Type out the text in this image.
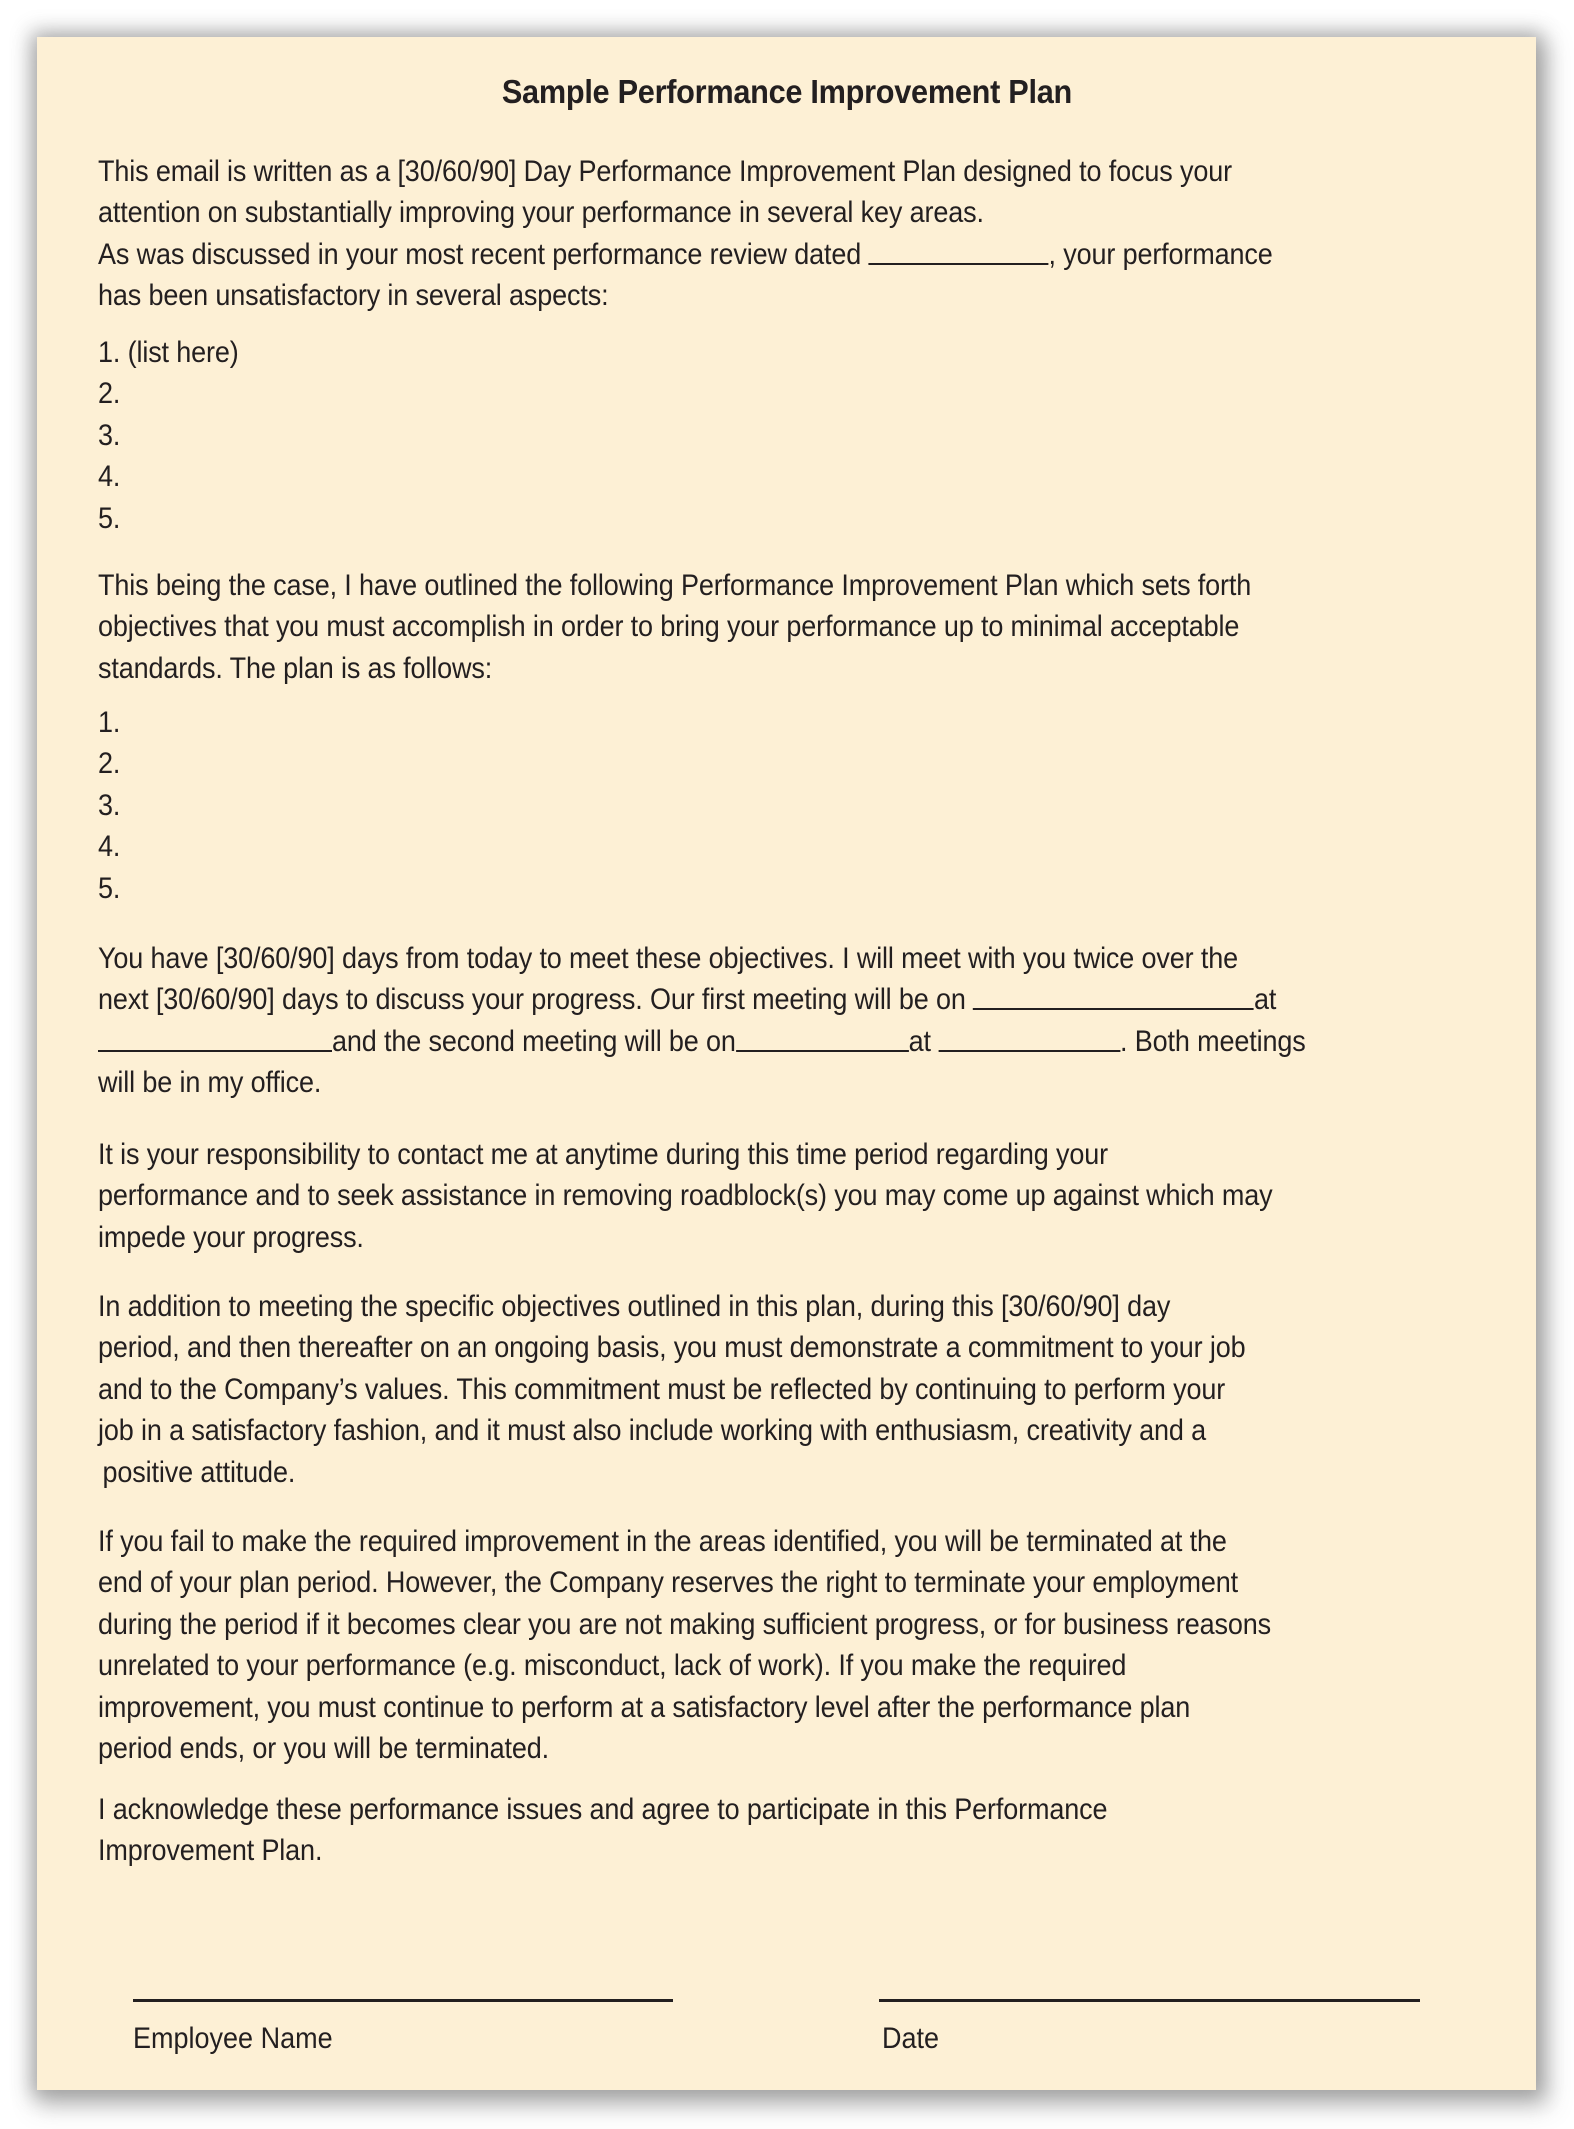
Sample Performance Improvement Plan
This email is written as a [30/60/90] Day Performance Improvement Plan designed to focus your
attention on substantially improving your performance in several key areas.
As was discussed in your most recent performance review dated	, your performance
has been unsatisfactory in several aspects:
1. (list here)
2.
3.
4.
5.
This being the case, I have outlined the following Performance Improvement Plan which sets forth
objectives that you must accomplish in order to bring your performance up to minimal acceptable
standards. The plan is as follows:
1.
2.
3.
4.
5.
You have [30/60/90] days from today to meet these objectives. I will meet with you twice over the
next [30/60/90] days to discuss your progress. Our first meeting will be on	at
and the second meeting will be on	at	. Both meetings
will be in my office.
It is your responsibility to contact me at anytime during this time period regarding your
performance and to seek assistance in removing roadblock(s) you may come up against which may
impede your progress.
In addition to meeting the specific objectives outlined in this plan, during this [30/60/90] day
period, and then thereafter on an ongoing basis, you must demonstrate a commitment to your job
and to the Company’s values. This commitment must be reflected by continuing to perform your
job in a satisfactory fashion, and it must also include working with enthusiasm, creativity and a
positive attitude.
If you fail to make the required improvement in the areas identified, you will be terminated at the
end of your plan period. However, the Company reserves the right to terminate your employment
during the period if it becomes clear you are not making sufficient progress, or for business reasons
unrelated to your performance (e.g. misconduct, lack of work). If you make the required
improvement, you must continue to perform at a satisfactory level after the performance plan
period ends, or you will be terminated.
I acknowledge these performance issues and agree to participate in this Performance
Improvement Plan.
Employee Name	Date
